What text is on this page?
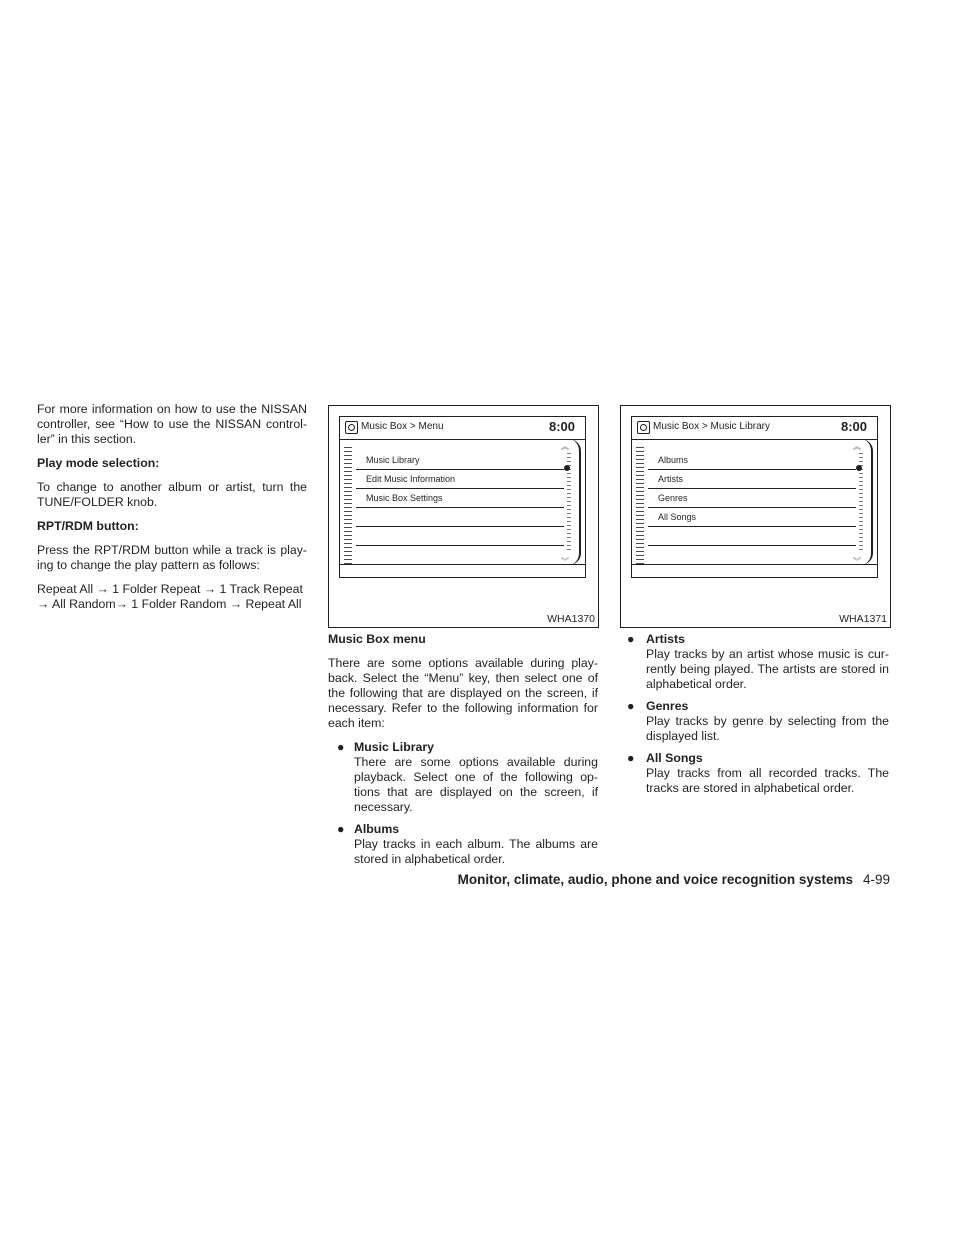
For more information on how to use the NISSAN controller, see “How to use the NISSAN control-ler” in this section.

Play mode selection:

To change to another album or artist, turn the TUNE/FOLDER knob.

RPT/RDM button:

Press the RPT/RDM button while a track is play-ing to change the play pattern as follows:

Repeat All → 1 Folder Repeat → 1 Track Repeat → All Random→ 1 Folder Random → Repeat All

Music Box > Menu	8:00
Music Library
Edit Music Information
Music Box Settings
︽
︾
WHA1370
Music Box > Music Library	8:00
Albums
Artists
Genres
All Songs
︽
︾
WHA1371
Music Box menu

There are some options available during play-back. Select the “Menu” key, then select one of the following that are displayed on the screen, if necessary. Refer to the following information for each item:

● Music Library
There are some options available during playback. Select one of the following op-tions that are displayed on the screen, if necessary.
● Albums
Play tracks in each album. The albums are stored in alphabetical order.
● Artists
Play tracks by an artist whose music is cur-rently being played. The artists are stored in alphabetical order.
● Genres
Play tracks by genre by selecting from the displayed list.
● All Songs
Play tracks from all recorded tracks. The tracks are stored in alphabetical order.
Monitor, climate, audio, phone and voice recognition systems 4-99
